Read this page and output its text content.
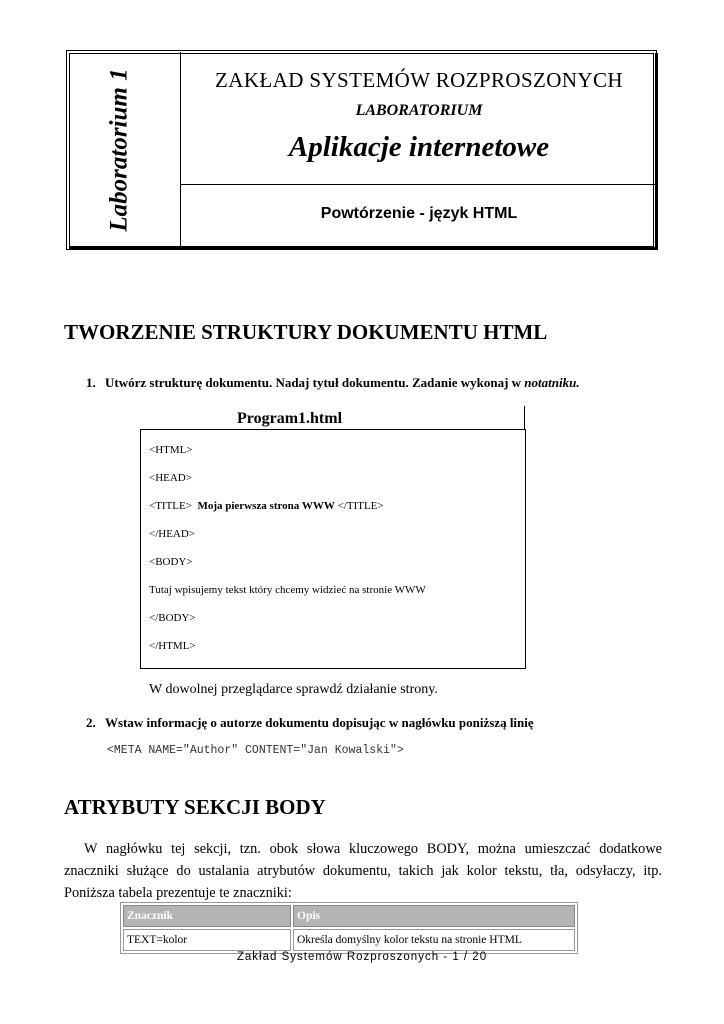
Laboratorium 1	ZAKŁAD SYSTEMÓW ROZPROSZONYCH
LABORATORIUM
Aplikacje internetowe
Powtórzenie - język HTML
TWORZENIE STRUKTURY DOKUMENTU HTML
1. Utwórz strukturę dokumentu. Nadaj tytuł dokumentu. Zadanie wykonaj w notatniku.
Program1.html
<HTML>
<HEAD>
<TITLE> Moja pierwsza strona WWW </TITLE>
</HEAD>
<BODY>
Tutaj wpisujemy tekst który chcemy widzieć na stronie WWW
</BODY>
</HTML>
W dowolnej przeglądarce sprawdź działanie strony.
2. Wstaw informację o autorze dokumentu dopisując w nagłówku poniższą linię
<META NAME="Author" CONTENT="Jan Kowalski">
ATRYBUTY SEKCJI BODY
W nagłówku tej sekcji, tzn. obok słowa kluczowego BODY, można umieszczać dodatkowe
znaczniki służące do ustalania atrybutów dokumentu, takich jak kolor tekstu, tła, odsyłaczy, itp.
Poniższa tabela prezentuje te znaczniki:
Znacznik	Opis
TEXT=kolor	Określa domyślny kolor tekstu na stronie HTML
Zakład Systemów Rozproszonych - 1 / 20
